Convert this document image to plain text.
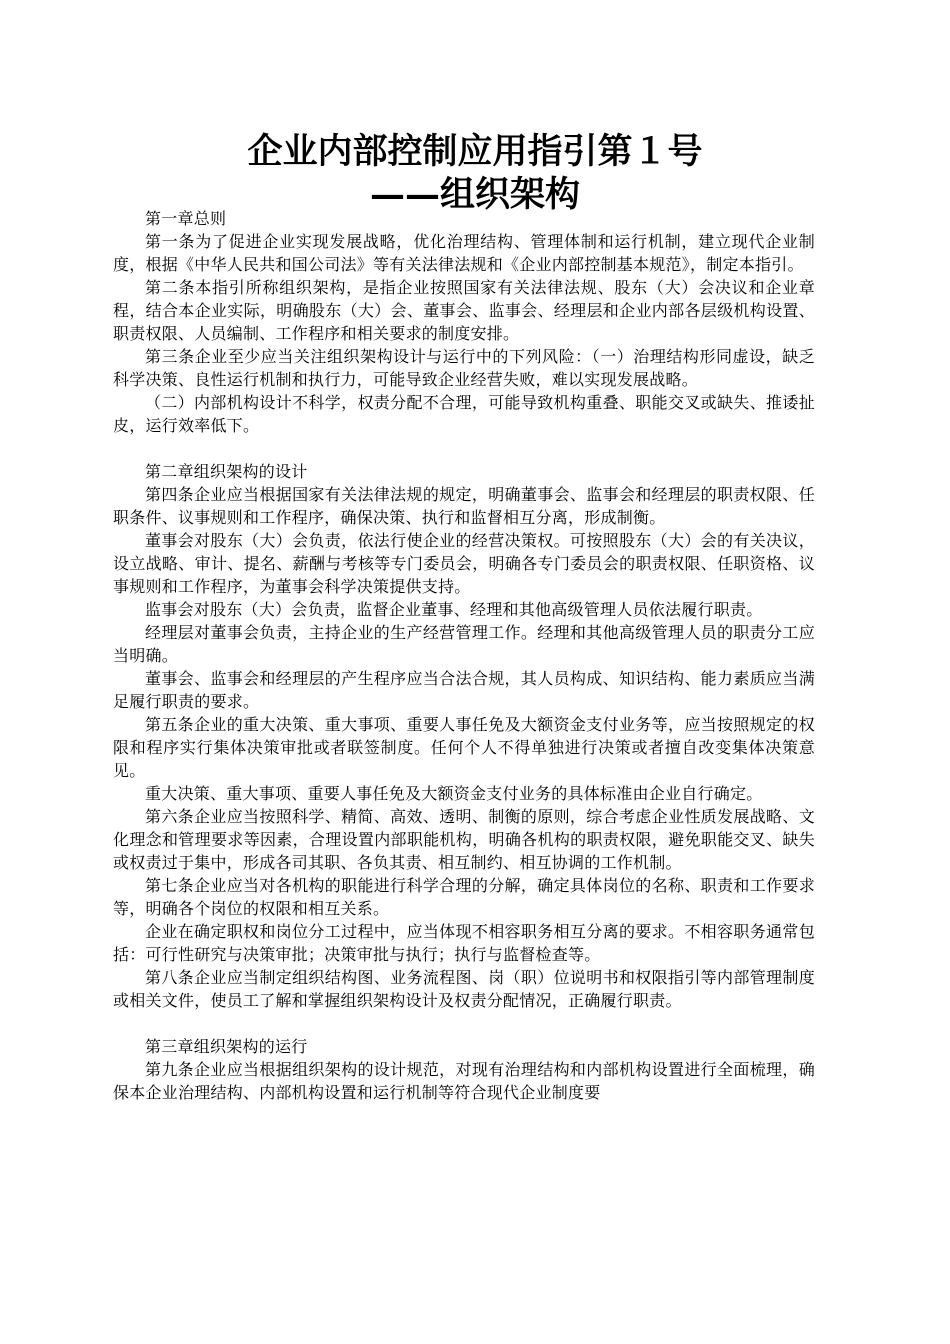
企业内部控制应用指引第１号
——组织架构

第一章总则

第一条为了促进企业实现发展战略，优化治理结构、管理体制和运行机制，建立现代企业制度，根据《中华人民共和国公司法》等有关法律法规和《企业内部控制基本规范》，制定本指引。

第二条本指引所称组织架构，是指企业按照国家有关法律法规、股东（大）会决议和企业章程，结合本企业实际，明确股东（大）会、董事会、监事会、经理层和企业内部各层级机构设置、职责权限、人员编制、工作程序和相关要求的制度安排。

第三条企业至少应当关注组织架构设计与运行中的下列风险：（一）治理结构形同虚设，缺乏科学决策、良性运行机制和执行力，可能导致企业经营失败，难以实现发展战略。

（二）内部机构设计不科学，权责分配不合理，可能导致机构重叠、职能交叉或缺失、推诿扯皮，运行效率低下。

第二章组织架构的设计

第四条企业应当根据国家有关法律法规的规定，明确董事会、监事会和经理层的职责权限、任职条件、议事规则和工作程序，确保决策、执行和监督相互分离，形成制衡。

董事会对股东（大）会负责，依法行使企业的经营决策权。可按照股东（大）会的有关决议，设立战略、审计、提名、薪酬与考核等专门委员会，明确各专门委员会的职责权限、任职资格、议事规则和工作程序，为董事会科学决策提供支持。

监事会对股东（大）会负责，监督企业董事、经理和其他高级管理人员依法履行职责。

经理层对董事会负责，主持企业的生产经营管理工作。经理和其他高级管理人员的职责分工应当明确。

董事会、监事会和经理层的产生程序应当合法合规，其人员构成、知识结构、能力素质应当满足履行职责的要求。

第五条企业的重大决策、重大事项、重要人事任免及大额资金支付业务等，应当按照规定的权限和程序实行集体决策审批或者联签制度。任何个人不得单独进行决策或者擅自改变集体决策意见。

重大决策、重大事项、重要人事任免及大额资金支付业务的具体标准由企业自行确定。

第六条企业应当按照科学、精简、高效、透明、制衡的原则，综合考虑企业性质发展战略、文化理念和管理要求等因素，合理设置内部职能机构，明确各机构的职责权限，避免职能交叉、缺失或权责过于集中，形成各司其职、各负其责、相互制约、相互协调的工作机制。

第七条企业应当对各机构的职能进行科学合理的分解，确定具体岗位的名称、职责和工作要求等，明确各个岗位的权限和相互关系。

企业在确定职权和岗位分工过程中，应当体现不相容职务相互分离的要求。不相容职务通常包括：可行性研究与决策审批；决策审批与执行；执行与监督检查等。

第八条企业应当制定组织结构图、业务流程图、岗（职）位说明书和权限指引等内部管理制度或相关文件，使员工了解和掌握组织架构设计及权责分配情况，正确履行职责。

第三章组织架构的运行

第九条企业应当根据组织架构的设计规范，对现有治理结构和内部机构设置进行全面梳理，确保本企业治理结构、内部机构设置和运行机制等符合现代企业制度要
